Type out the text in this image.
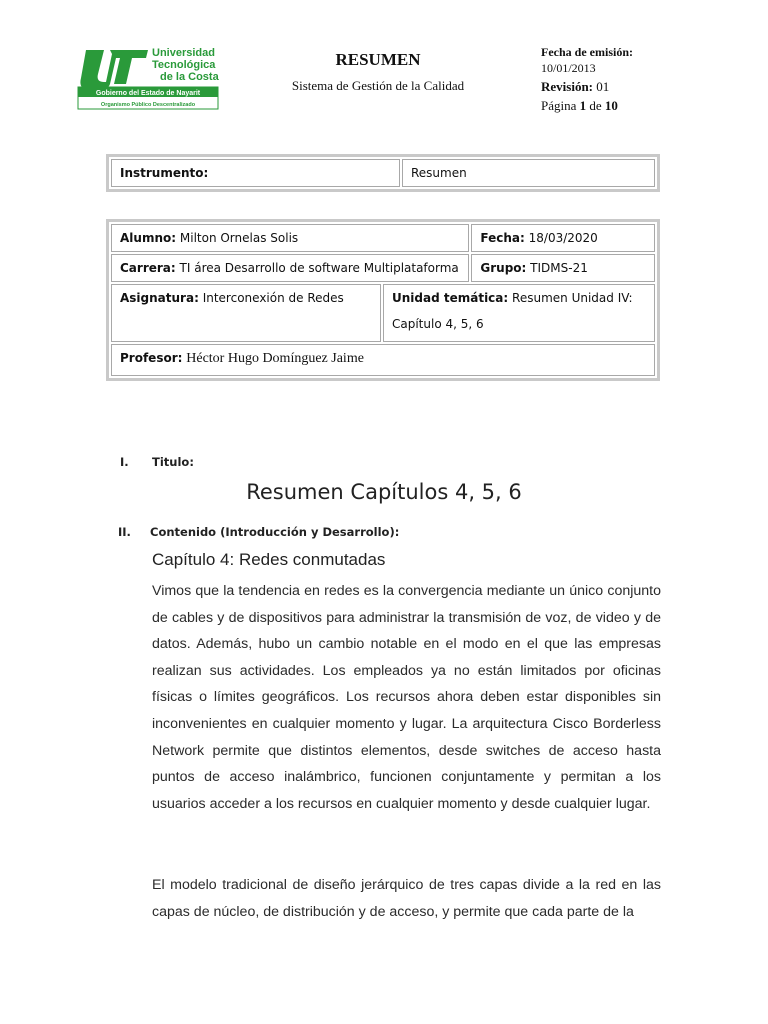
Universidad
Tecnológica
de la Costa
Gobierno del Estado de Nayarit
Organismo Público Descentralizado
RESUMEN
Sistema de Gestión de la Calidad
Fecha de emisión:
10/01/2013
Revisión: 01
Página 1 de 10
Instrumento:	Resumen
Alumno: Milton Ornelas Solis		Fecha: 18/03/2020
Carrera: TI área Desarrollo de software Multiplataforma		Grupo: TIDMS-21
Asignatura: Interconexión de Redes	Unidad temática: Resumen Unidad IV:
Capítulo 4, 5, 6	

Profesor: Héctor Hugo Domínguez Jaime		
I. Titulo:
Resumen Capítulos 4, 5, 6
II. Contenido (Introducción y Desarrollo):
Capítulo 4: Redes conmutadas

Vimos que la tendencia en redes es la convergencia mediante un único conjunto de cables y de dispositivos para administrar la transmisión de voz, de video y de datos. Además, hubo un cambio notable en el modo en el que las empresas realizan sus actividades. Los empleados ya no están limitados por oficinas físicas o límites geográficos. Los recursos ahora deben estar disponibles sin inconvenientes en cualquier momento y lugar. La arquitectura Cisco Borderless Network permite que distintos elementos, desde switches de acceso hasta puntos de acceso inalámbrico, funcionen conjuntamente y permitan a los usuarios acceder a los recursos en cualquier momento y desde cualquier lugar.

El modelo tradicional de diseño jerárquico de tres capas divide a la red en las capas de núcleo, de distribución y de acceso, y permite que cada parte de la
